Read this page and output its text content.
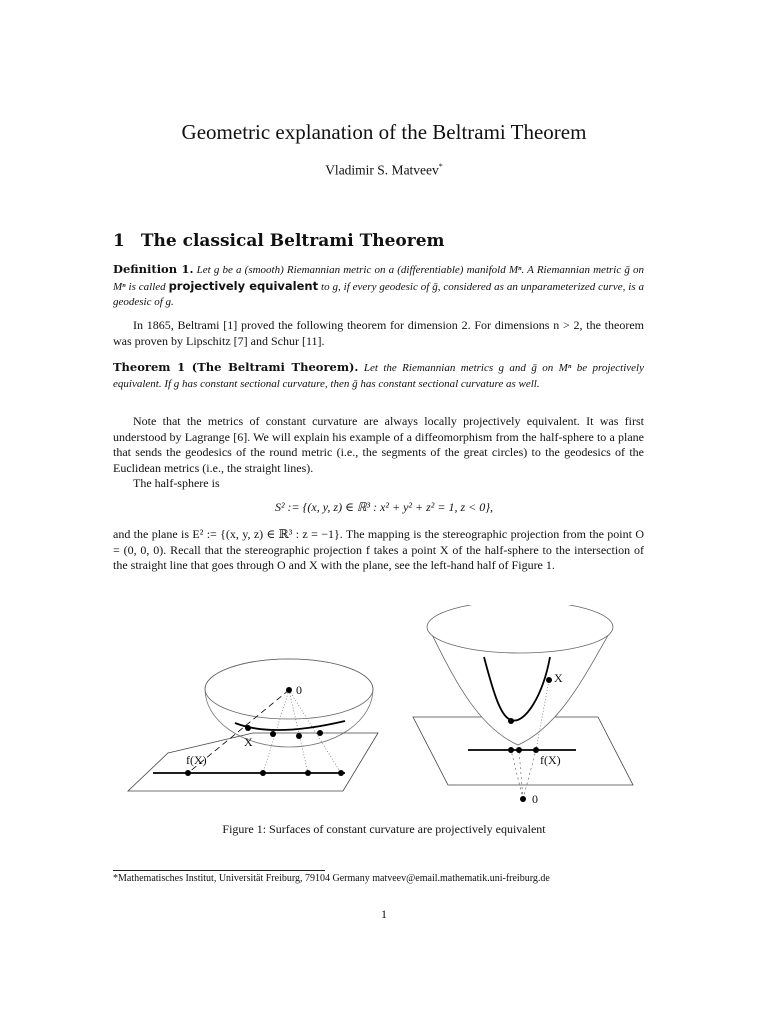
Geometric explanation of the Beltrami Theorem
Vladimir S. Matveev*
1 The classical Beltrami Theorem
Definition 1. Let g be a (smooth) Riemannian metric on a (differentiable) manifold Mⁿ. A Riemannian metric ḡ on Mⁿ is called projectively equivalent to g, if every geodesic of ḡ, considered as an unparameterized curve, is a geodesic of g.
In 1865, Beltrami [1] proved the following theorem for dimension 2. For dimensions n > 2, the theorem was proven by Lipschitz [7] and Schur [11].
Theorem 1 (The Beltrami Theorem). Let the Riemannian metrics g and ḡ on Mⁿ be projectively equivalent. If g has constant sectional curvature, then ḡ has constant sectional curvature as well.
Note that the metrics of constant curvature are always locally projectively equivalent. It was first understood by Lagrange [6]. We will explain his example of a diffeomorphism from the half-sphere to a plane that sends the geodesics of the round metric (i.e., the segments of the great circles) to the geodesics of the Euclidean metrics (i.e., the straight lines).
The half-sphere is
S² := {(x, y, z) ∈ ℝ³ : x² + y² + z² = 1, z < 0},
and the plane is E² := {(x, y, z) ∈ ℝ³ : z = −1}. The mapping is the stereographic projection from the point O = (0, 0, 0). Recall that the stereographic projection f takes a point X of the half-sphere to the intersection of the straight line that goes through O and X with the plane, see the left-hand half of Figure 1.
0
X
f(X)
X
f(X)
0
Figure 1: Surfaces of constant curvature are projectively equivalent
*Mathematisches Institut, Universität Freiburg, 79104 Germany matveev@email.mathematik.uni-freiburg.de
1
